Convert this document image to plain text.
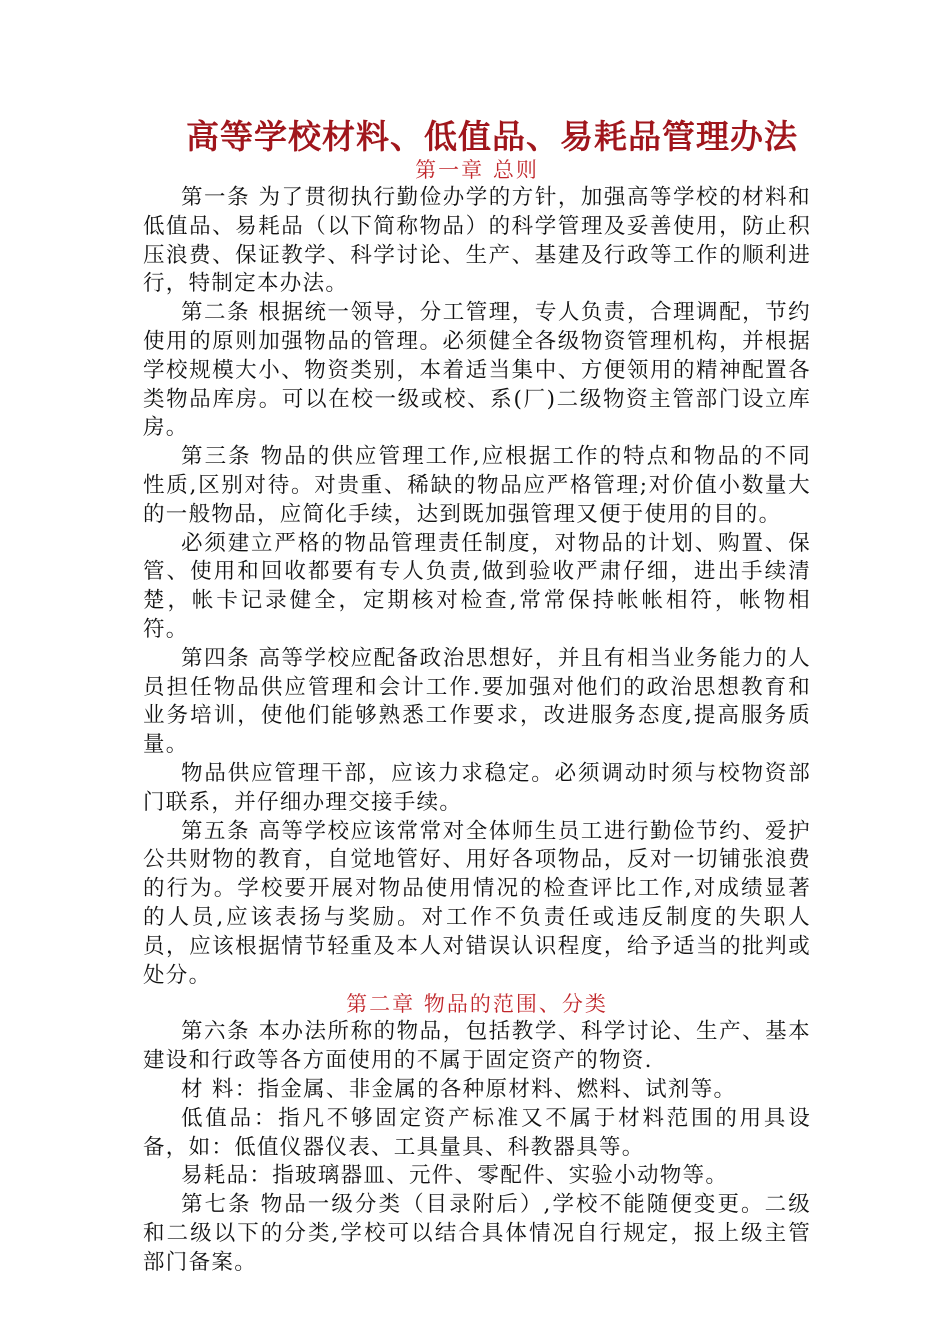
高等学校材料、低值品、易耗品管理办法
第一章 总则

第一条 为了贯彻执行勤俭办学的方针，加强高等学校的材料和低值品、易耗品（以下简称物品）的科学管理及妥善使用，防止积压浪费、保证教学、科学讨论、生产、基建及行政等工作的顺利进行，特制定本办法。

第二条 根据统一领导，分工管理，专人负责，合理调配，节约使用的原则加强物品的管理。必须健全各级物资管理机构，并根据学校规模大小、物资类别，本着适当集中、方便领用的精神配置各类物品库房。可以在校一级或校、系(厂)二级物资主管部门设立库房。

第三条 物品的供应管理工作,应根据工作的特点和物品的不同性质,区别对待。对贵重、稀缺的物品应严格管理;对价值小数量大的一般物品，应简化手续，达到既加强管理又便于使用的目的。

必须建立严格的物品管理责任制度，对物品的计划、购置、保管、使用和回收都要有专人负责,做到验收严肃仔细，进出手续清楚，帐卡记录健全，定期核对检查,常常保持帐帐相符，帐物相符。

第四条 高等学校应配备政治思想好，并且有相当业务能力的人员担任物品供应管理和会计工作.要加强对他们的政治思想教育和业务培训，使他们能够熟悉工作要求，改进服务态度,提高服务质量。

物品供应管理干部，应该力求稳定。必须调动时须与校物资部门联系，并仔细办理交接手续。

第五条 高等学校应该常常对全体师生员工进行勤俭节约、爱护公共财物的教育，自觉地管好、用好各项物品，反对一切铺张浪费的行为。学校要开展对物品使用情况的检查评比工作,对成绩显著的人员,应该表扬与奖励。对工作不负责任或违反制度的失职人员，应该根据情节轻重及本人对错误认识程度，给予适当的批判或处分。

第二章 物品的范围、分类

第六条 本办法所称的物品，包括教学、科学讨论、生产、基本建设和行政等各方面使用的不属于固定资产的物资.

材 料：指金属、非金属的各种原材料、燃料、试剂等。

低值品：指凡不够固定资产标准又不属于材料范围的用具设备，如：低值仪器仪表、工具量具、科教器具等。

易耗品：指玻璃器皿、元件、零配件、实验小动物等。

第七条 物品一级分类（目录附后）,学校不能随便变更。二级和二级以下的分类,学校可以结合具体情况自行规定，报上级主管部门备案。
